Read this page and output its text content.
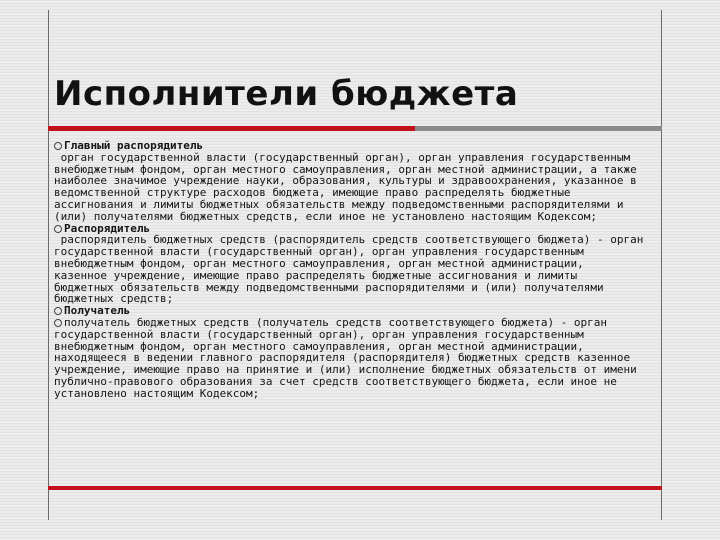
Исполнители бюджета
Главный распорядитель
орган государственной власти (государственный орган), орган управления государственным
внебюджетным фондом, орган местного самоуправления, орган местной администрации, а также
наиболее значимое учреждение науки, образования, культуры и здравоохранения, указанное в
ведомственной структуре расходов бюджета, имеющие право распределять бюджетные
ассигнования и лимиты бюджетных обязательств между подведомственными распорядителями и
(или) получателями бюджетных средств, если иное не установлено настоящим Кодексом;
Распорядитель
распорядитель бюджетных средств (распорядитель средств соответствующего бюджета) - орган
государственной власти (государственный орган), орган управления государственным
внебюджетным фондом, орган местного самоуправления, орган местной администрации,
казенное учреждение, имеющие право распределять бюджетные ассигнования и лимиты
бюджетных обязательств между подведомственными распорядителями и (или) получателями
бюджетных средств;
Получатель
получатель бюджетных средств (получатель средств соответствующего бюджета) - орган
государственной власти (государственный орган), орган управления государственным
внебюджетным фондом, орган местного самоуправления, орган местной администрации,
находящееся в ведении главного распорядителя (распорядителя) бюджетных средств казенное
учреждение, имеющие право на принятие и (или) исполнение бюджетных обязательств от имени
публично-правового образования за счет средств соответствующего бюджета, если иное не
установлено настоящим Кодексом;
